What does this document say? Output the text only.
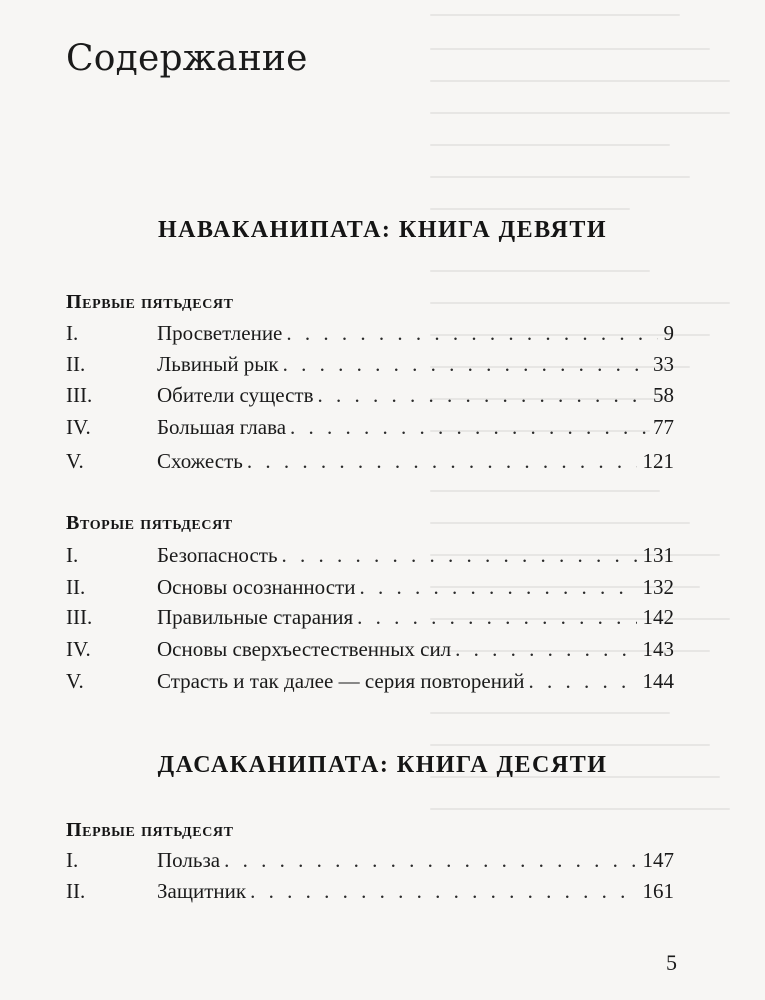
Содержание
НАВАКАНИПАТА: КНИГА ДЕВЯТИ
Первые пятьдесят
I.	Просветление . . .	9
II.	Львиный рык . . .	33
III.	Обители существ . . .	58
IV.	Большая глава . . .	77
V.	Схожесть . . .	121
Вторые пятьдесят
I.	Безопасность . . .	131
II.	Основы осознанности . . .	132
III.	Правильные старания . . .	142
IV.	Основы сверхъестественных сил . . .	143
V.	Страсть и так далее — серия повторений . . .	144
ДАСАКАНИПАТА: КНИГА ДЕСЯТИ
Первые пятьдесят
I.	Польза . . .	147
II.	Защитник . . .	161
5
